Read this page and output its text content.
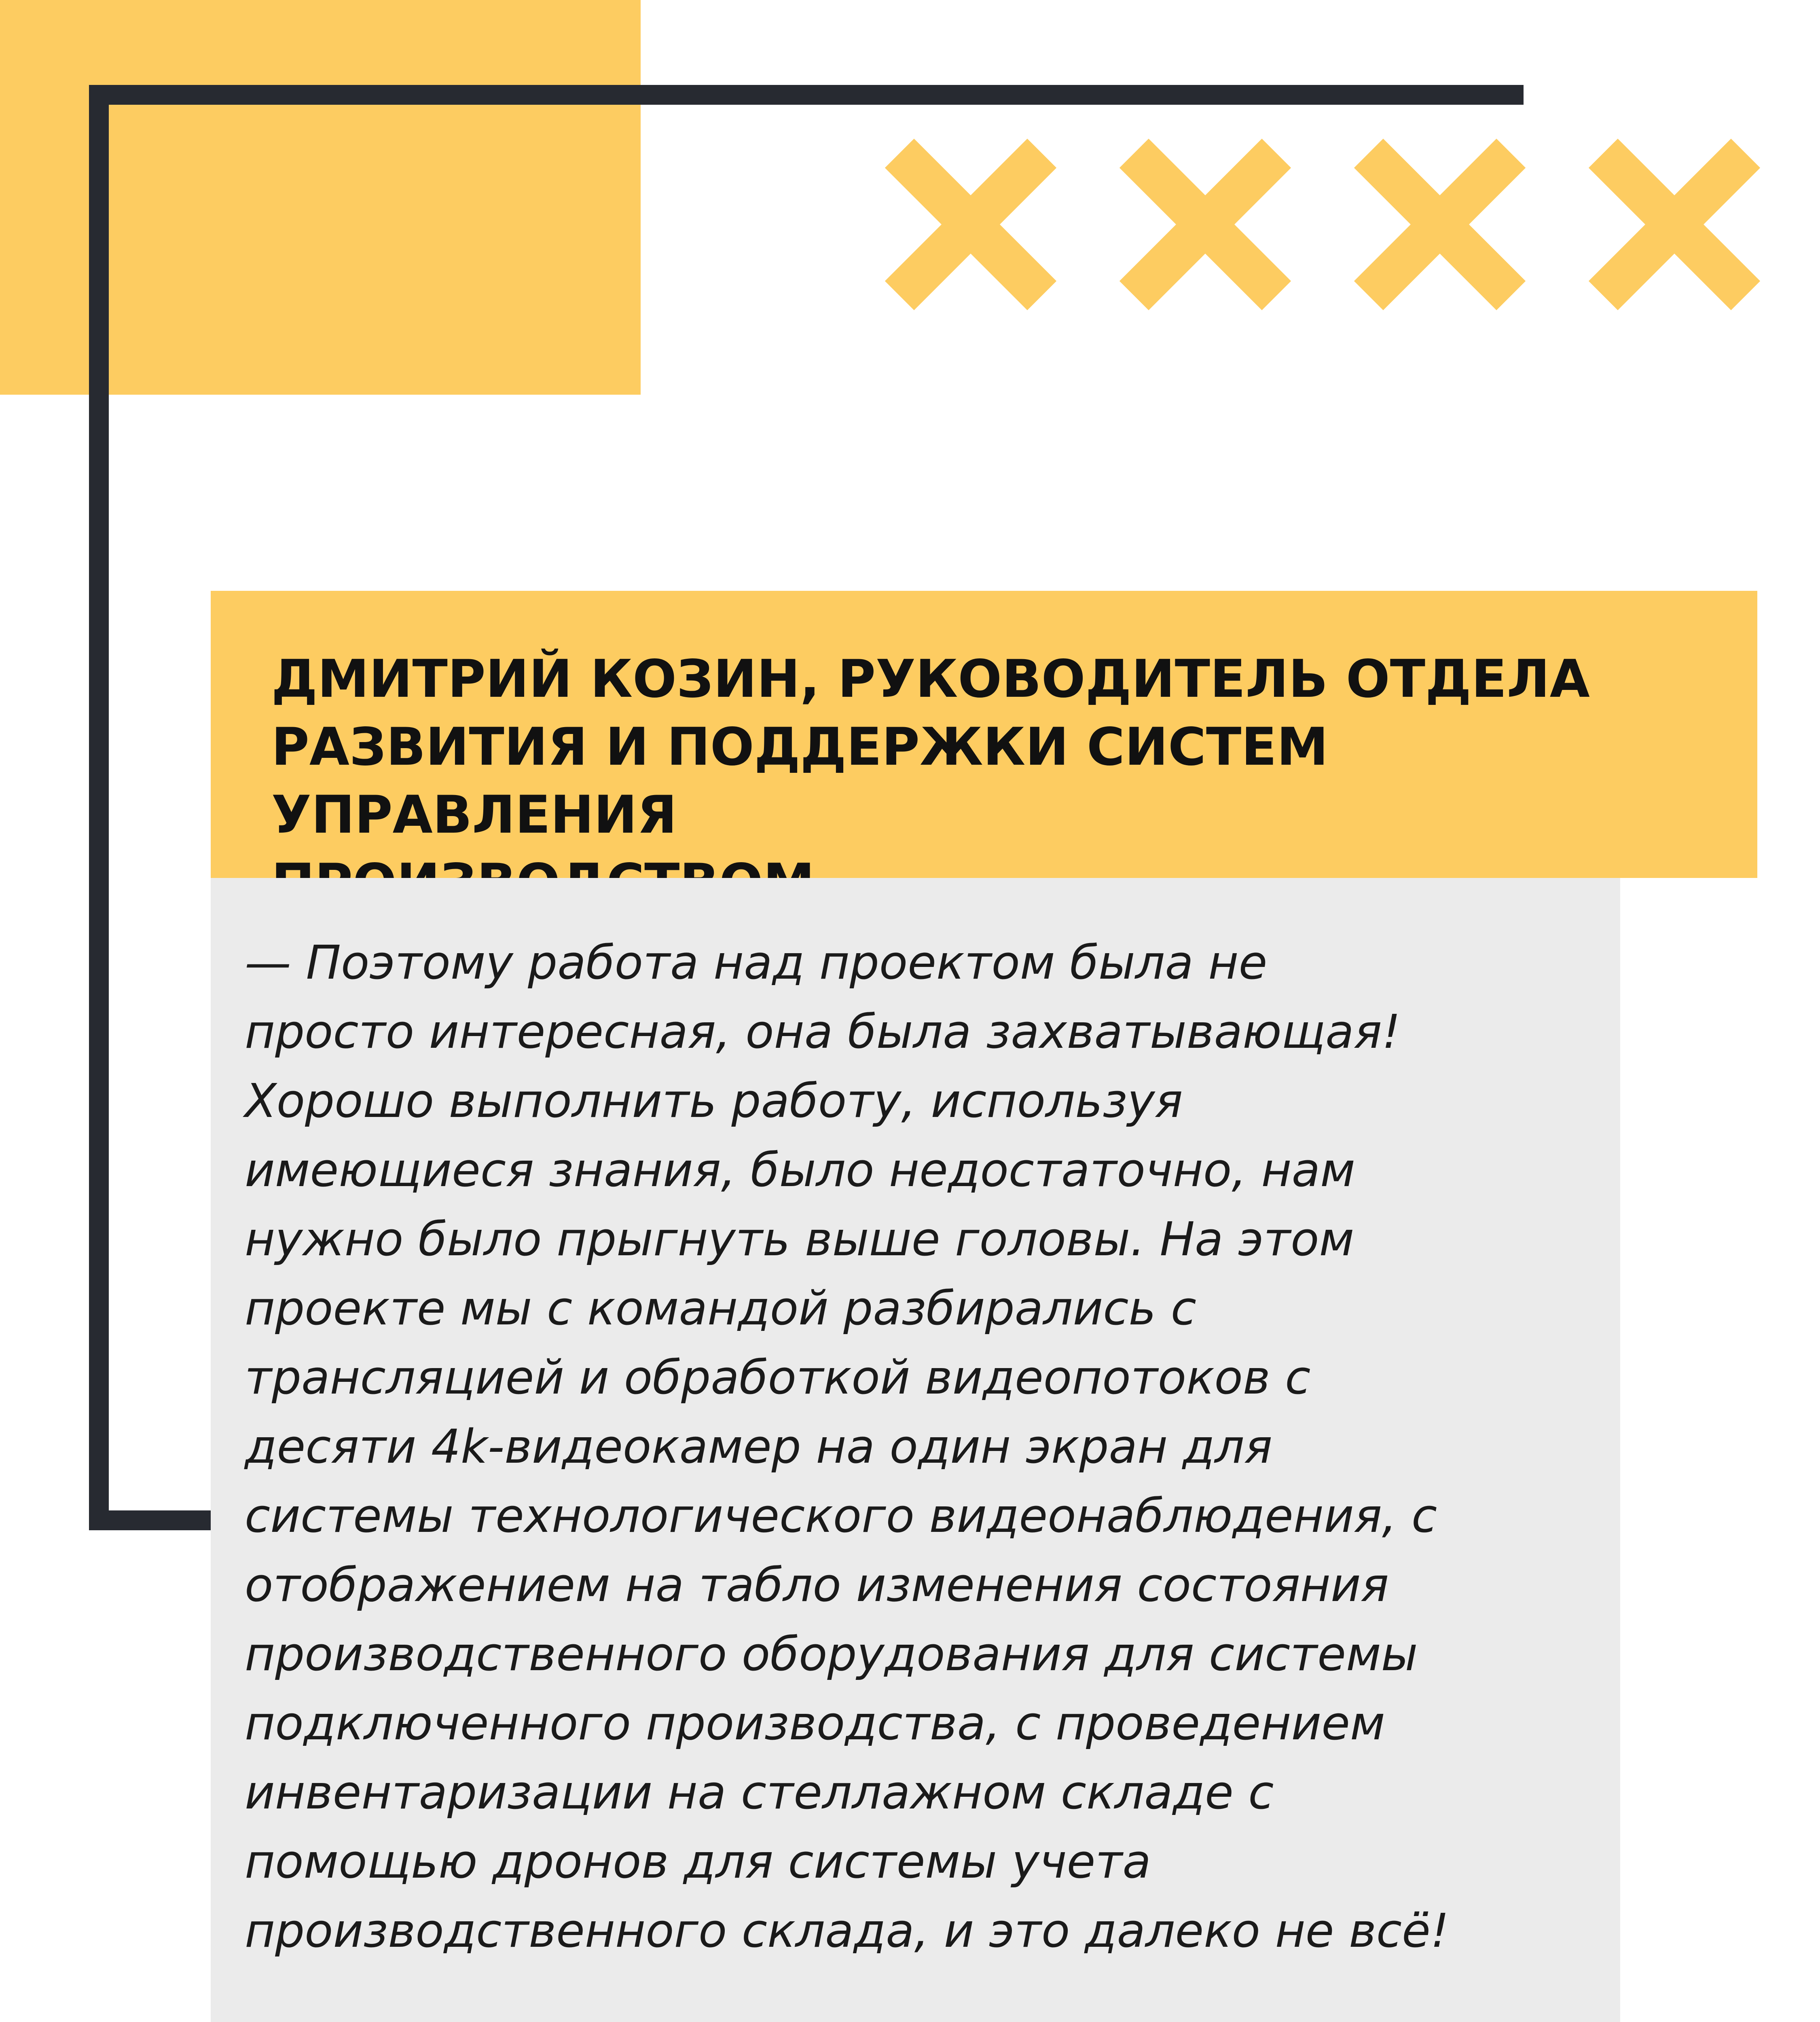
ДМИТРИЙ КОЗИН, РУКОВОДИТЕЛЬ ОТДЕЛА
РАЗВИТИЯ И ПОДДЕРЖКИ СИСТЕМ УПРАВЛЕНИЯ

— Поэтому работа над проектом была не
просто интересная, она была захватывающая!
Хорошо выполнить работу, используя
имеющиеся знания, было недостаточно, нам
нужно было прыгнуть выше головы. На этом
проекте мы с командой разбирались с
трансляцией и обработкой видеопотоков с
десяти 4k-видеокамер на один экран для
системы технологического видеонаблюдения, с
отображением на табло изменения состояния
производственного оборудования для системы
подключенного производства, с проведением
инвентаризации на стеллажном складе с
помощью дронов для системы учета
производственного склада, и это далеко не всё!
